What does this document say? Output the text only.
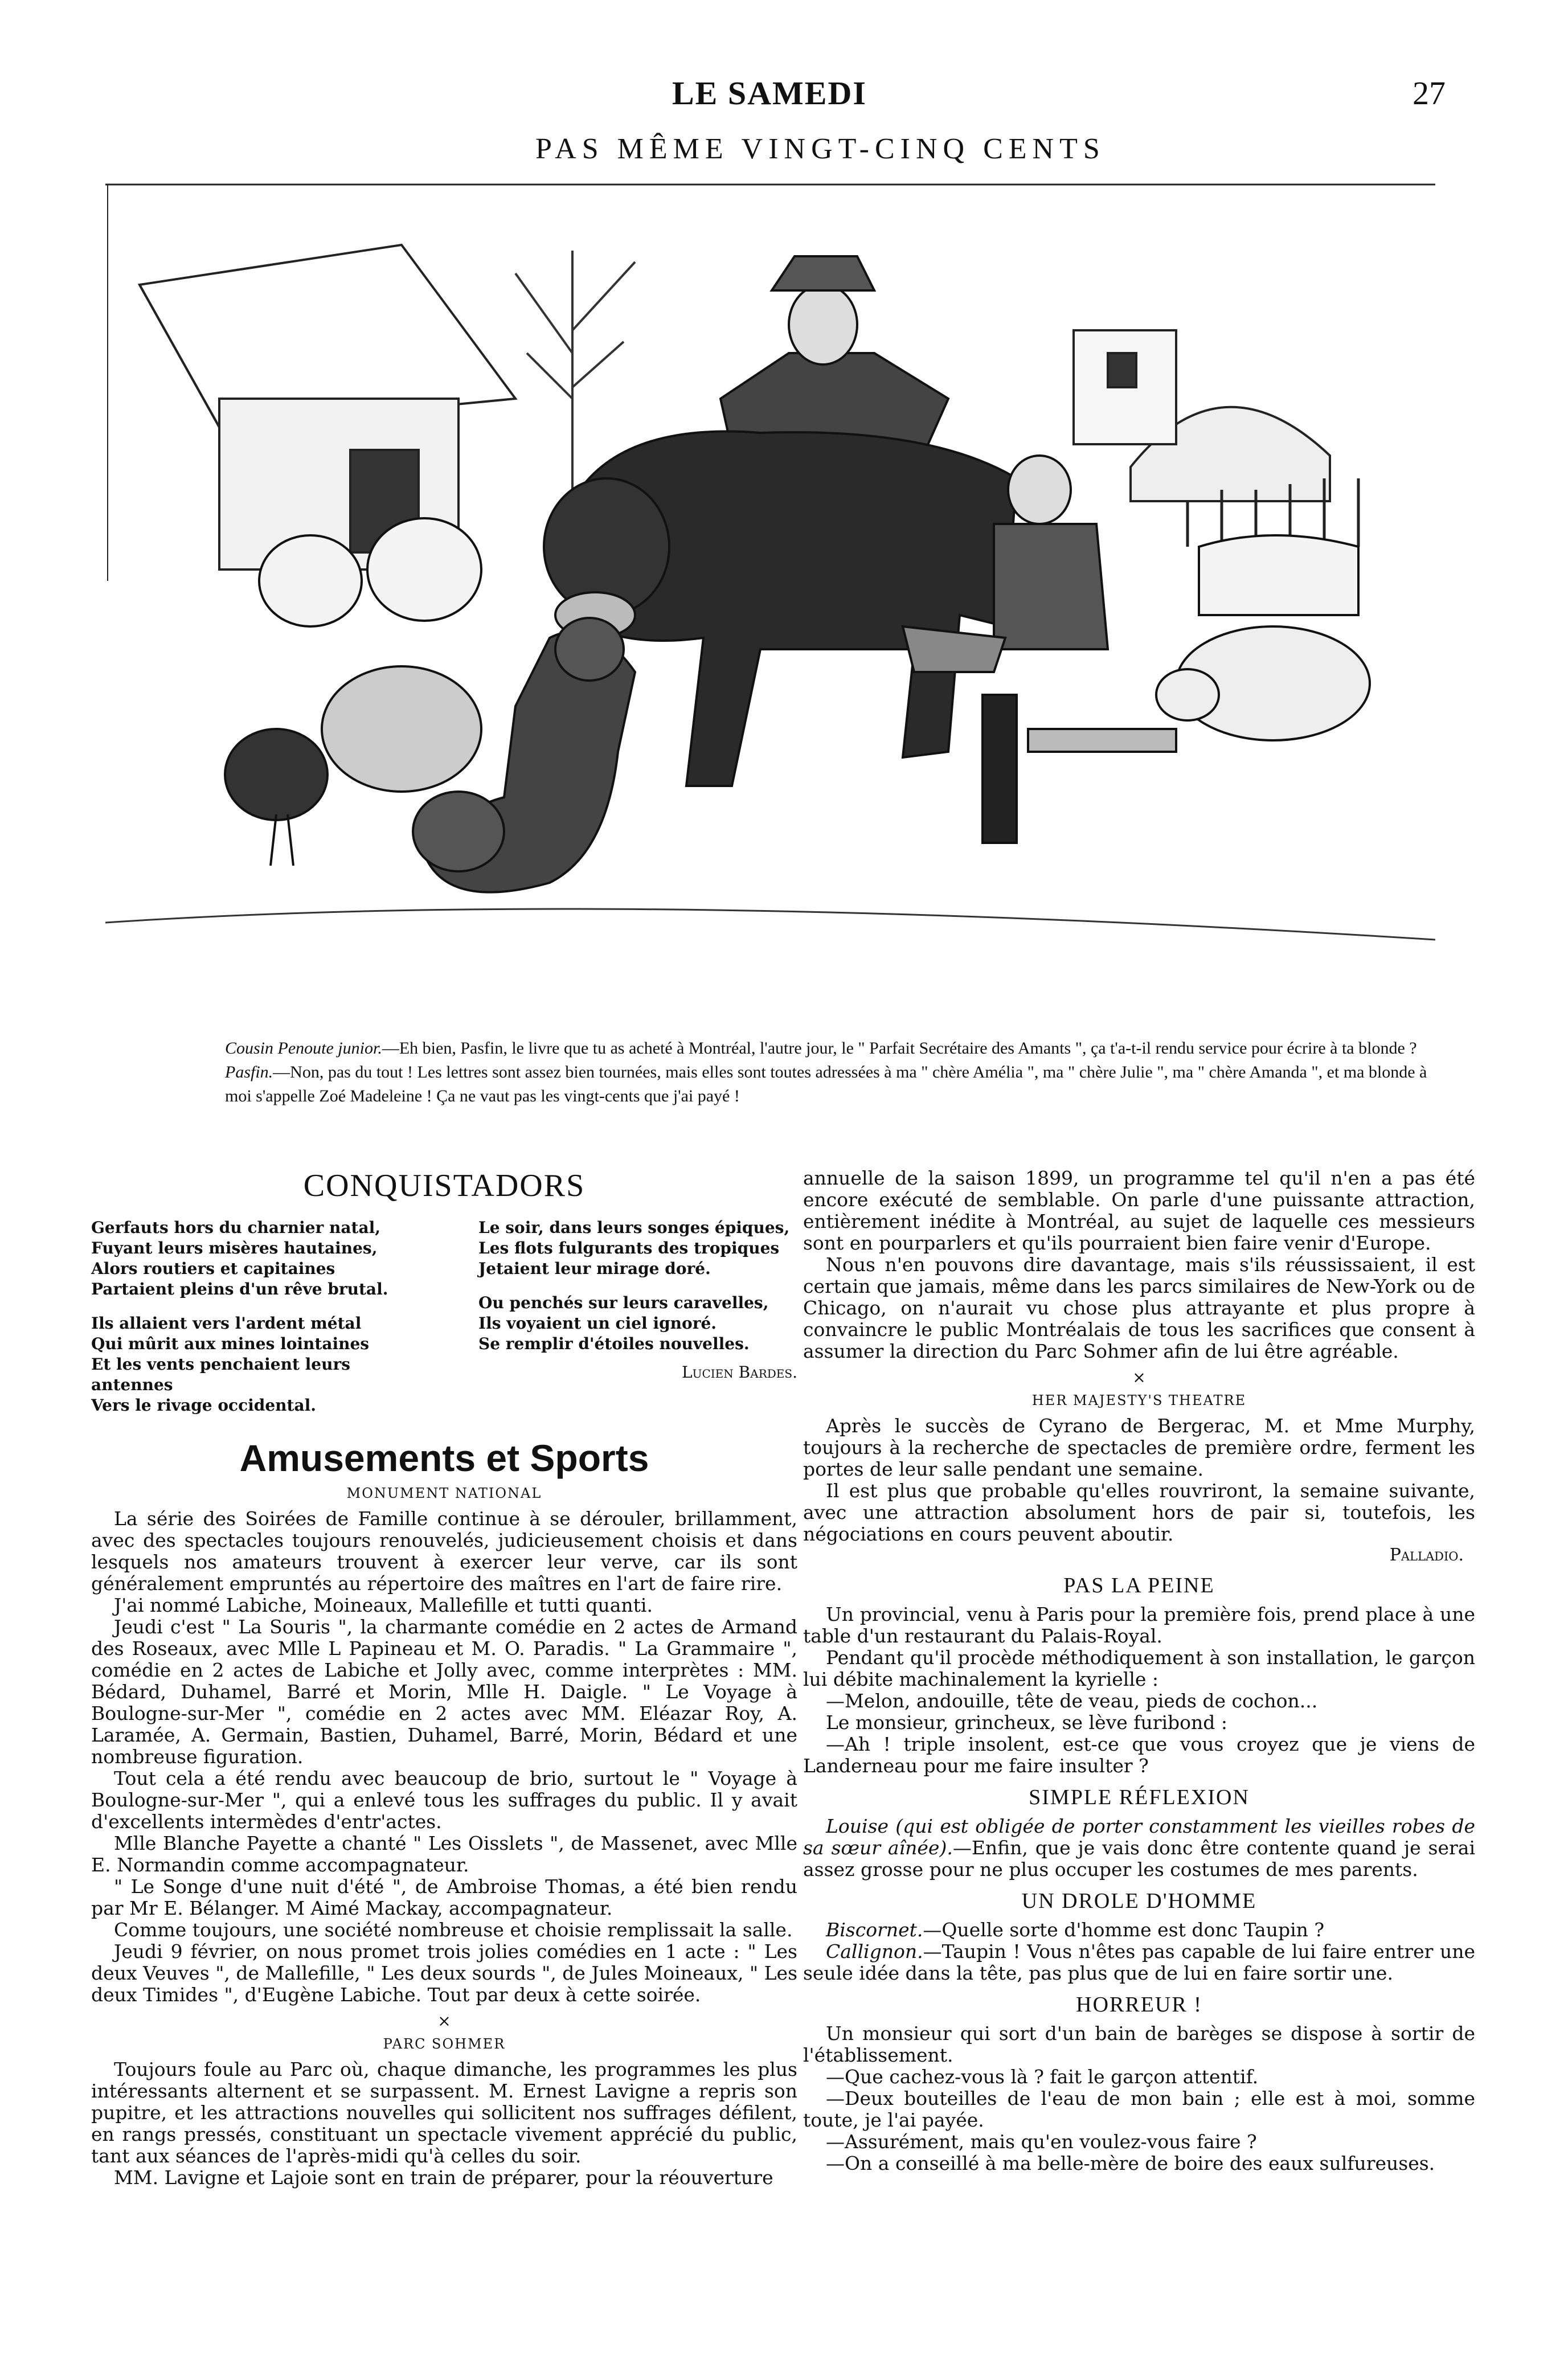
LE SAMEDI	27
PAS MÊME VINGT-CINQ CENTS
Cousin Penoute junior.—Eh bien, Pasfin, le livre que tu as acheté à Montréal, l'autre jour, le " Parfait Secrétaire des Amants ", ça t'a-t-il rendu service pour écrire à ta blonde ?
Pasfin.—Non, pas du tout ! Les lettres sont assez bien tournées, mais elles sont toutes adressées à ma " chère Amélia ", ma " chère Julie ", ma " chère Amanda ", et ma blonde à moi s'appelle Zoé Madeleine ! Ça ne vaut pas les vingt-cents que j'ai payé !
CONQUISTADORS
Gerfauts hors du charnier natal,
Fuyant leurs misères hautaines,
Alors routiers et capitaines
Partaient pleins d'un rêve brutal.
Ils allaient vers l'ardent métal
Qui mûrit aux mines lointaines
Et les vents penchaient leurs antennes
Vers le rivage occidental.
Le soir, dans leurs songes épiques,
Les flots fulgurants des tropiques
Jetaient leur mirage doré.
Ou penchés sur leurs caravelles,
Ils voyaient un ciel ignoré.
Se remplir d'étoiles nouvelles.
Lucien Bardes.
Amusements et Sports
MONUMENT NATIONAL

La série des Soirées de Famille continue à se dérouler, brillamment, avec des spectacles toujours renouvelés, judicieusement choisis et dans lesquels nos amateurs trouvent à exercer leur verve, car ils sont généralement empruntés au répertoire des maîtres en l'art de faire rire.

J'ai nommé Labiche, Moineaux, Mallefille et tutti quanti.

Jeudi c'est " La Souris ", la charmante comédie en 2 actes de Armand des Roseaux, avec Mlle L Papineau et M. O. Paradis. " La Grammaire ", comédie en 2 actes de Labiche et Jolly avec, comme interprètes : MM. Bédard, Duhamel, Barré et Morin, Mlle H. Daigle. " Le Voyage à Boulogne-sur-Mer ", comédie en 2 actes avec MM. Eléazar Roy, A. Laramée, A. Germain, Bastien, Duhamel, Barré, Morin, Bédard et une nombreuse figuration.

Tout cela a été rendu avec beaucoup de brio, surtout le " Voyage à Boulogne-sur-Mer ", qui a enlevé tous les suffrages du public. Il y avait d'excellents intermèdes d'entr'actes.

Mlle Blanche Payette a chanté " Les Oisslets ", de Massenet, avec Mlle E. Normandin comme accompagnateur.

" Le Songe d'une nuit d'été ", de Ambroise Thomas, a été bien rendu par Mr E. Bélanger. M Aimé Mackay, accompagnateur.

Comme toujours, une société nombreuse et choisie remplissait la salle.

Jeudi 9 février, on nous promet trois jolies comédies en 1 acte : " Les deux Veuves ", de Mallefille, " Les deux sourds ", de Jules Moineaux, " Les deux Timides ", d'Eugène Labiche. Tout par deux à cette soirée.

×
PARC SOHMER

Toujours foule au Parc où, chaque dimanche, les programmes les plus intéressants alternent et se surpassent. M. Ernest Lavigne a repris son pupitre, et les attractions nouvelles qui sollicitent nos suffrages défilent, en rangs pressés, constituant un spectacle vivement apprécié du public, tant aux séances de l'après-midi qu'à celles du soir.

MM. Lavigne et Lajoie sont en train de préparer, pour la réouverture

annuelle de la saison 1899, un programme tel qu'il n'en a pas été encore exécuté de semblable. On parle d'une puissante attraction, entièrement inédite à Montréal, au sujet de laquelle ces messieurs sont en pourparlers et qu'ils pourraient bien faire venir d'Europe.

Nous n'en pouvons dire davantage, mais s'ils réussissaient, il est certain que jamais, même dans les parcs similaires de New-York ou de Chicago, on n'aurait vu chose plus attrayante et plus propre à convaincre le public Montréalais de tous les sacrifices que consent à assumer la direction du Parc Sohmer afin de lui être agréable.

×
HER MAJESTY'S THEATRE

Après le succès de Cyrano de Bergerac, M. et Mme Murphy, toujours à la recherche de spectacles de première ordre, ferment les portes de leur salle pendant une semaine.

Il est plus que probable qu'elles rouvriront, la semaine suivante, avec une attraction absolument hors de pair si, toutefois, les négociations en cours peuvent aboutir.

Palladio.
PAS LA PEINE

Un provincial, venu à Paris pour la première fois, prend place à une table d'un restaurant du Palais-Royal.

Pendant qu'il procède méthodiquement à son installation, le garçon lui débite machinalement la kyrielle :

—Melon, andouille, tête de veau, pieds de cochon...

Le monsieur, grincheux, se lève furibond :

—Ah ! triple insolent, est-ce que vous croyez que je viens de Landerneau pour me faire insulter ?

SIMPLE RÉFLEXION

Louise (qui est obligée de porter constamment les vieilles robes de sa sœur aînée).—Enfin, que je vais donc être contente quand je serai assez grosse pour ne plus occuper les costumes de mes parents.

UN DROLE D'HOMME

Biscornet.—Quelle sorte d'homme est donc Taupin ?

Callignon.—Taupin ! Vous n'êtes pas capable de lui faire entrer une seule idée dans la tête, pas plus que de lui en faire sortir une.

HORREUR !

Un monsieur qui sort d'un bain de barèges se dispose à sortir de l'établissement.

—Que cachez-vous là ? fait le garçon attentif.

—Deux bouteilles de l'eau de mon bain ; elle est à moi, somme toute, je l'ai payée.

—Assurément, mais qu'en voulez-vous faire ?

—On a conseillé à ma belle-mère de boire des eaux sulfureuses.
